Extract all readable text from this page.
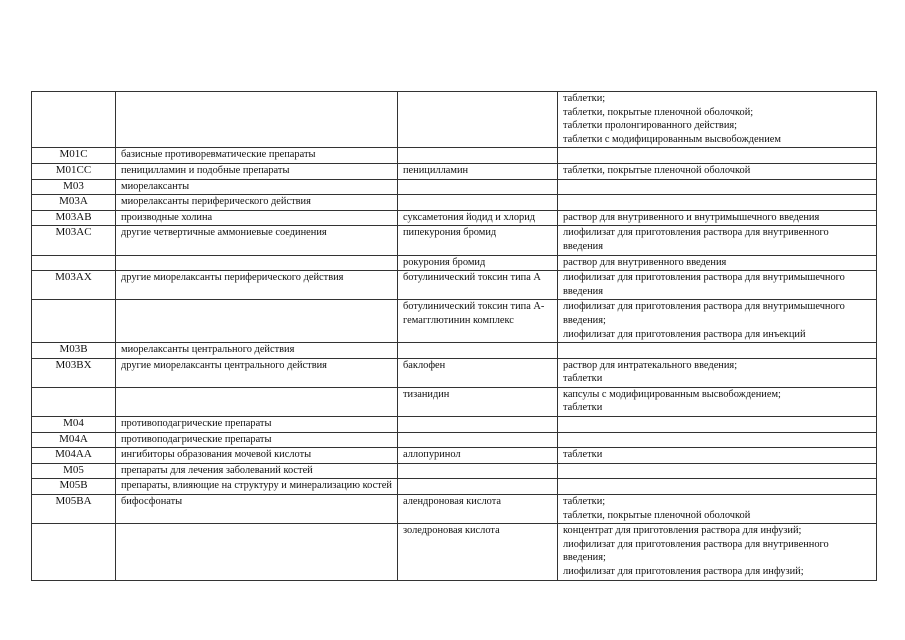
			таблетки;
таблетки, покрытые пленочной оболочкой;
таблетки пролонгированного действия;
таблетки с модифицированным высвобождением

M01C	базисные противоревматические препараты		
M01CC	пеницилламин и подобные препараты	пеницилламин	таблетки, покрытые пленочной оболочкой

M03	миорелаксанты		
M03A	миорелаксанты периферического действия		
M03AB	производные холина	суксаметония йодид и хлорид	раствор для внутривенного и внутримышечного введения

M03AC	другие четвертичные аммониевые соединения	пипекурония бромид	лиофилизат для приготовления раствора для внутривенного введения

		рокурония бромид	раствор для внутривенного введения

M03AX	другие миорелаксанты периферического действия	ботулинический токсин типа A	лиофилизат для приготовления раствора для внутримышечного введения

		ботулинический токсин типа A-гемагглютинин комплекс	лиофилизат для приготовления раствора для внутримышечного введения;
лиофилизат для приготовления раствора для инъекций

M03B	миорелаксанты центрального действия		
M03BX	другие миорелаксанты центрального действия	баклофен	раствор для интратекального введения;
таблетки

		тизанидин	капсулы с модифицированным высвобождением;
таблетки

M04	противоподагрические препараты		
M04A	противоподагрические препараты		
M04AA	ингибиторы образования мочевой кислоты	аллопуринол	таблетки

M05	препараты для лечения заболеваний костей		
M05B	препараты, влияющие на структуру и минерализацию костей		
M05BA	бифосфонаты	алендроновая кислота	таблетки;
таблетки, покрытые пленочной оболочкой

		золедроновая кислота	концентрат для приготовления раствора для инфузий;
лиофилизат для приготовления раствора для внутривенного введения;
лиофилизат для приготовления раствора для инфузий;
